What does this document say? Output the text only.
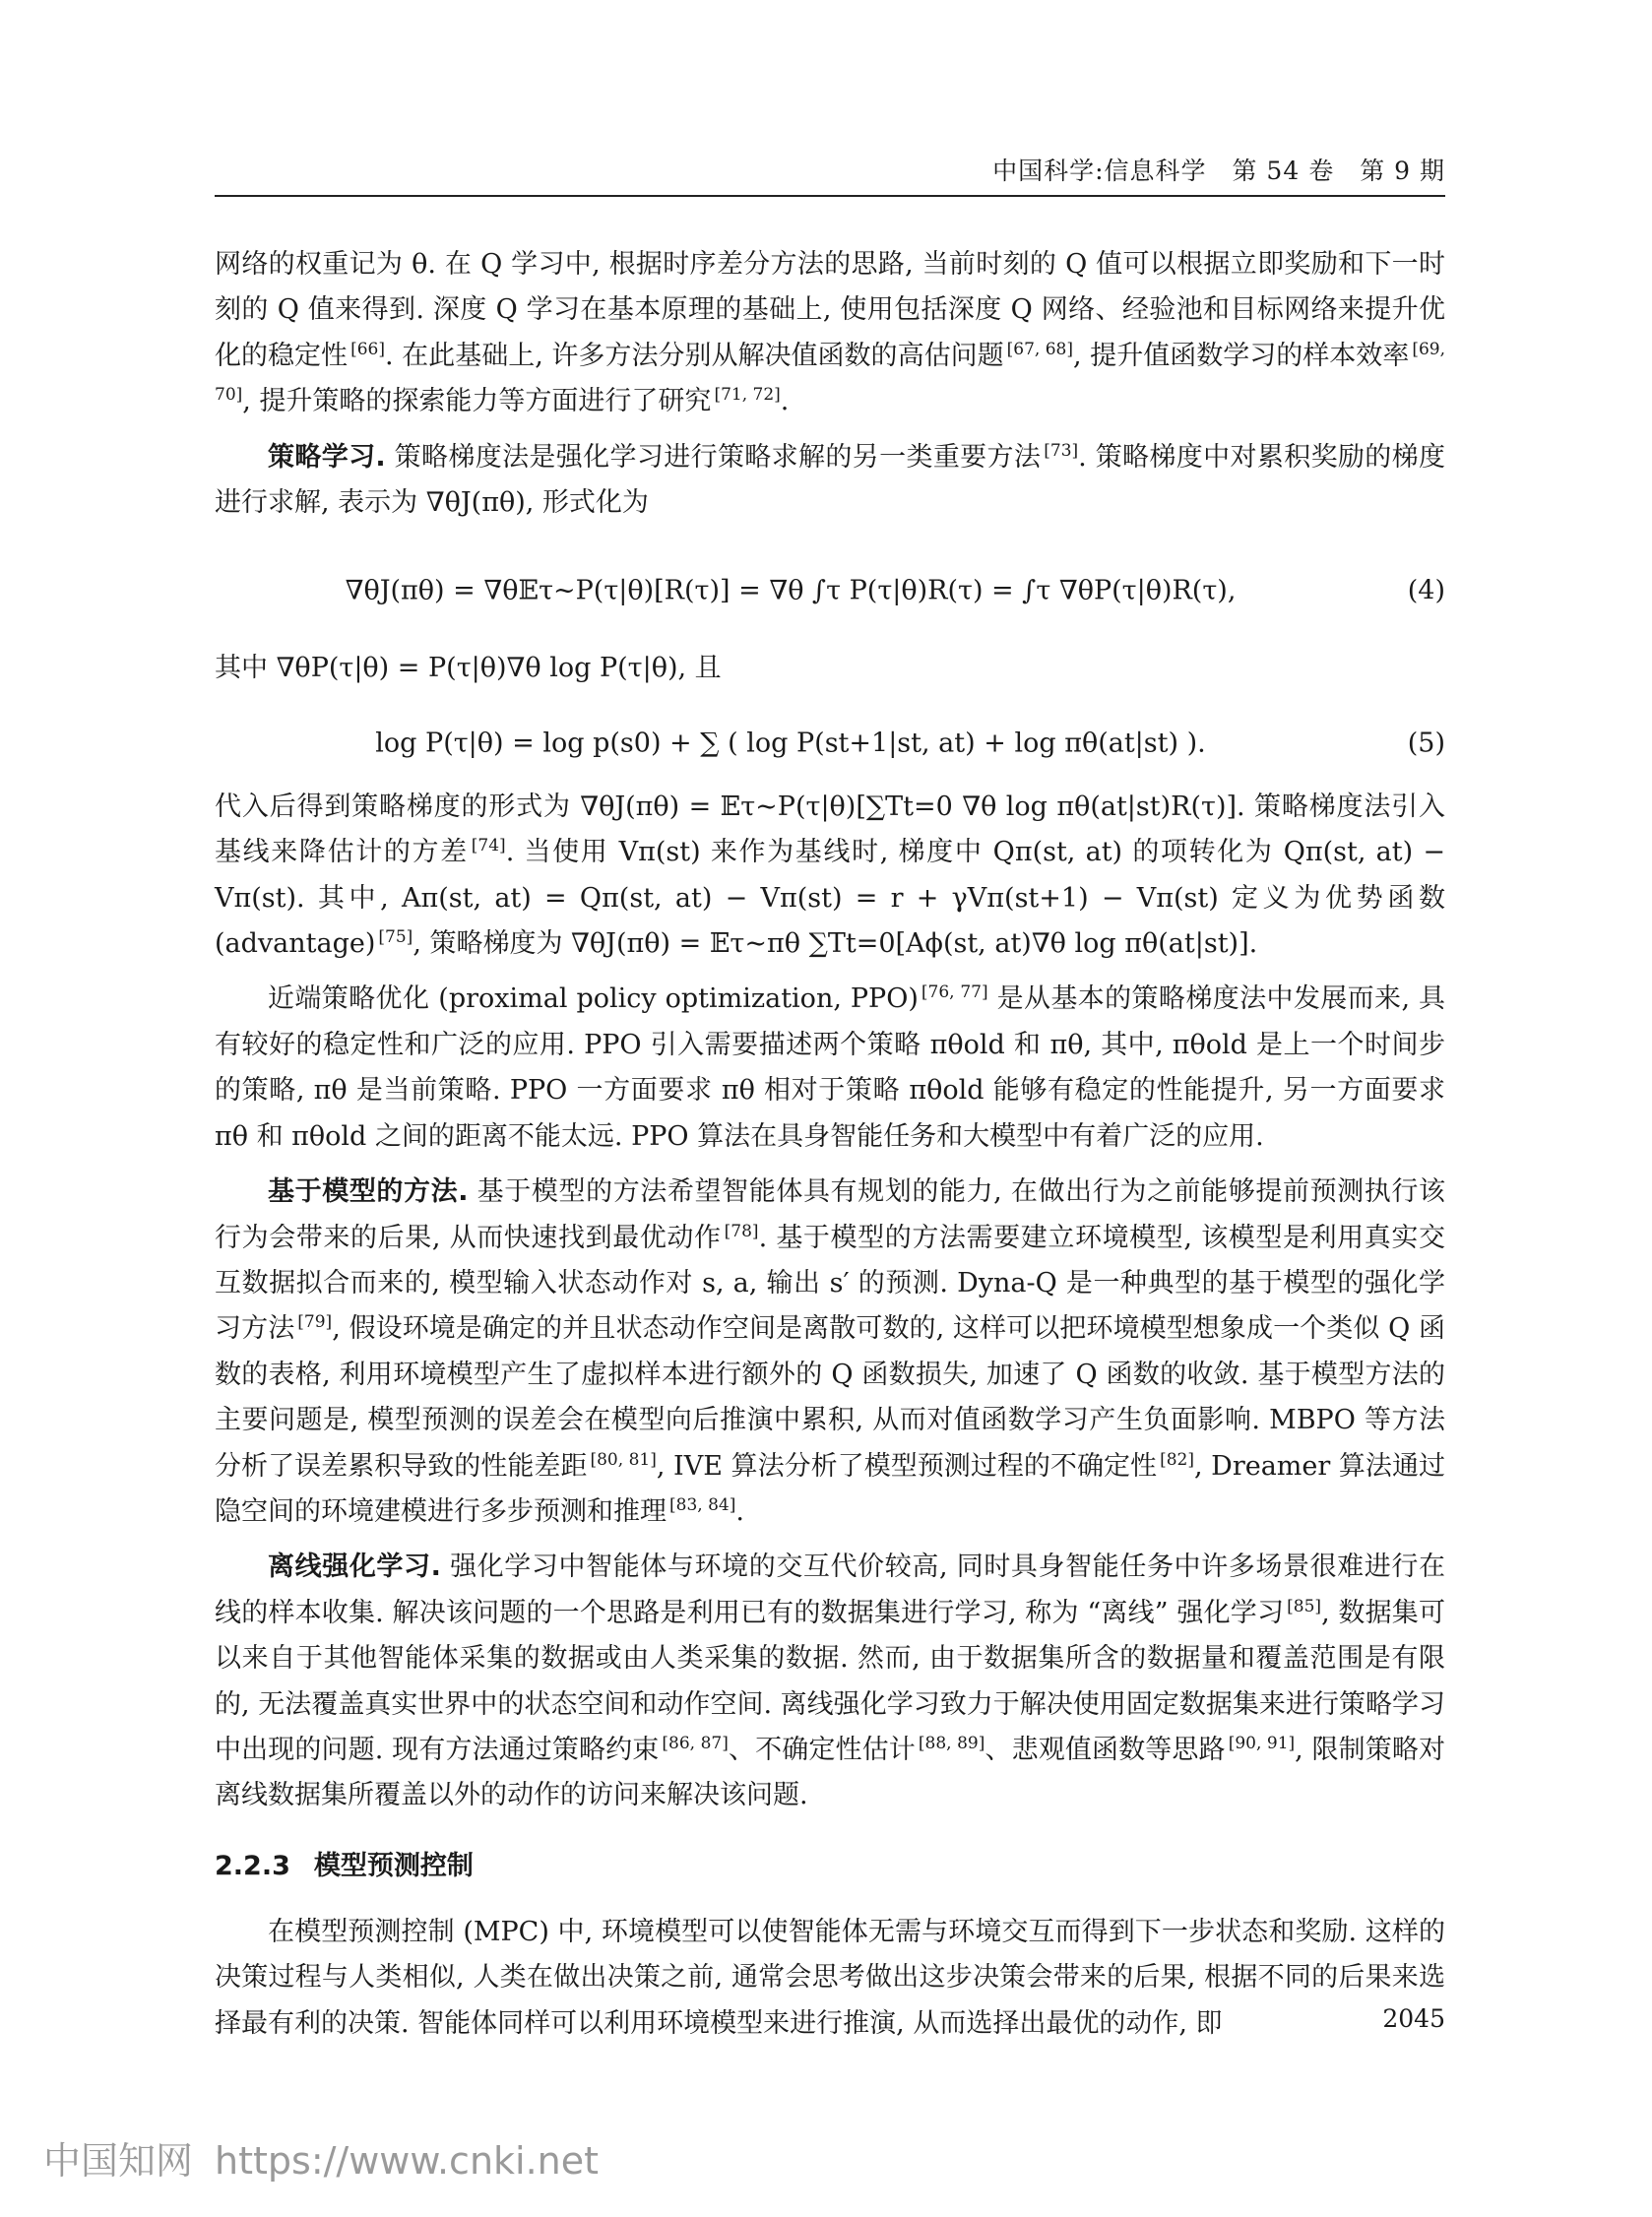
中国科学:信息科学　第 54 卷　第 9 期

网络的权重记为 θ. 在 Q 学习中, 根据时序差分方法的思路, 当前时刻的 Q 值可以根据立即奖励和下一时刻的 Q 值来得到. 深度 Q 学习在基本原理的基础上, 使用包括深度 Q 网络、经验池和目标网络来提升优化的稳定性 [66]. 在此基础上, 许多方法分别从解决值函数的高估问题 [67, 68], 提升值函数学习的样本效率 [69, 70], 提升策略的探索能力等方面进行了研究 [71, 72].

策略学习. 策略梯度法是强化学习进行策略求解的另一类重要方法 [73]. 策略梯度中对累积奖励的梯度进行求解, 表示为 ∇θJ(πθ), 形式化为

∇θJ(πθ) = ∇θ𝔼τ∼P(τ|θ)[R(τ)] = ∇θ ∫τ P(τ|θ)R(τ) = ∫τ ∇θP(τ|θ)R(τ),	(4)

其中 ∇θP(τ|θ) = P(τ|θ)∇θ log P(τ|θ), 且

log P(τ|θ) = log p(s0) + ∑ ( log P(st+1|st, at) + log πθ(at|st) ).	(5)

代入后得到策略梯度的形式为 ∇θJ(πθ) = 𝔼τ∼P(τ|θ)[∑Tt=0 ∇θ log πθ(at|st)R(τ)]. 策略梯度法引入基线来降估计的方差 [74]. 当使用 Vπ(st) 来作为基线时, 梯度中 Qπ(st, at) 的项转化为 Qπ(st, at) − Vπ(st). 其中, Aπ(st, at) = Qπ(st, at) − Vπ(st) = r + γVπ(st+1) − Vπ(st) 定义为优势函数 (advantage) [75], 策略梯度为 ∇θJ(πθ) = 𝔼τ∼πθ ∑Tt=0[Aϕ(st, at)∇θ log πθ(at|st)].

近端策略优化 (proximal policy optimization, PPO) [76, 77] 是从基本的策略梯度法中发展而来, 具有较好的稳定性和广泛的应用. PPO 引入需要描述两个策略 πθold 和 πθ, 其中, πθold 是上一个时间步的策略, πθ 是当前策略. PPO 一方面要求 πθ 相对于策略 πθold 能够有稳定的性能提升, 另一方面要求 πθ 和 πθold 之间的距离不能太远. PPO 算法在具身智能任务和大模型中有着广泛的应用.

基于模型的方法. 基于模型的方法希望智能体具有规划的能力, 在做出行为之前能够提前预测执行该行为会带来的后果, 从而快速找到最优动作 [78]. 基于模型的方法需要建立环境模型, 该模型是利用真实交互数据拟合而来的, 模型输入状态动作对 s, a, 输出 s′ 的预测. Dyna-Q 是一种典型的基于模型的强化学习方法 [79], 假设环境是确定的并且状态动作空间是离散可数的, 这样可以把环境模型想象成一个类似 Q 函数的表格, 利用环境模型产生了虚拟样本进行额外的 Q 函数损失, 加速了 Q 函数的收敛. 基于模型方法的主要问题是, 模型预测的误差会在模型向后推演中累积, 从而对值函数学习产生负面影响. MBPO 等方法分析了误差累积导致的性能差距 [80, 81], IVE 算法分析了模型预测过程的不确定性 [82], Dreamer 算法通过隐空间的环境建模进行多步预测和推理 [83, 84].

离线强化学习. 强化学习中智能体与环境的交互代价较高, 同时具身智能任务中许多场景很难进行在线的样本收集. 解决该问题的一个思路是利用已有的数据集进行学习, 称为 “离线” 强化学习 [85], 数据集可以来自于其他智能体采集的数据或由人类采集的数据. 然而, 由于数据集所含的数据量和覆盖范围是有限的, 无法覆盖真实世界中的状态空间和动作空间. 离线强化学习致力于解决使用固定数据集来进行策略学习中出现的问题. 现有方法通过策略约束 [86, 87]、不确定性估计 [88, 89]、悲观值函数等思路 [90, 91], 限制策略对离线数据集所覆盖以外的动作的访问来解决该问题.

2.2.3 模型预测控制

在模型预测控制 (MPC) 中, 环境模型可以使智能体无需与环境交互而得到下一步状态和奖励. 这样的决策过程与人类相似, 人类在做出决策之前, 通常会思考做出这步决策会带来的后果, 根据不同的后果来选择最有利的决策. 智能体同样可以利用环境模型来进行推演, 从而选择出最优的动作, 即	2045
中国知网 https://www.cnki.net
